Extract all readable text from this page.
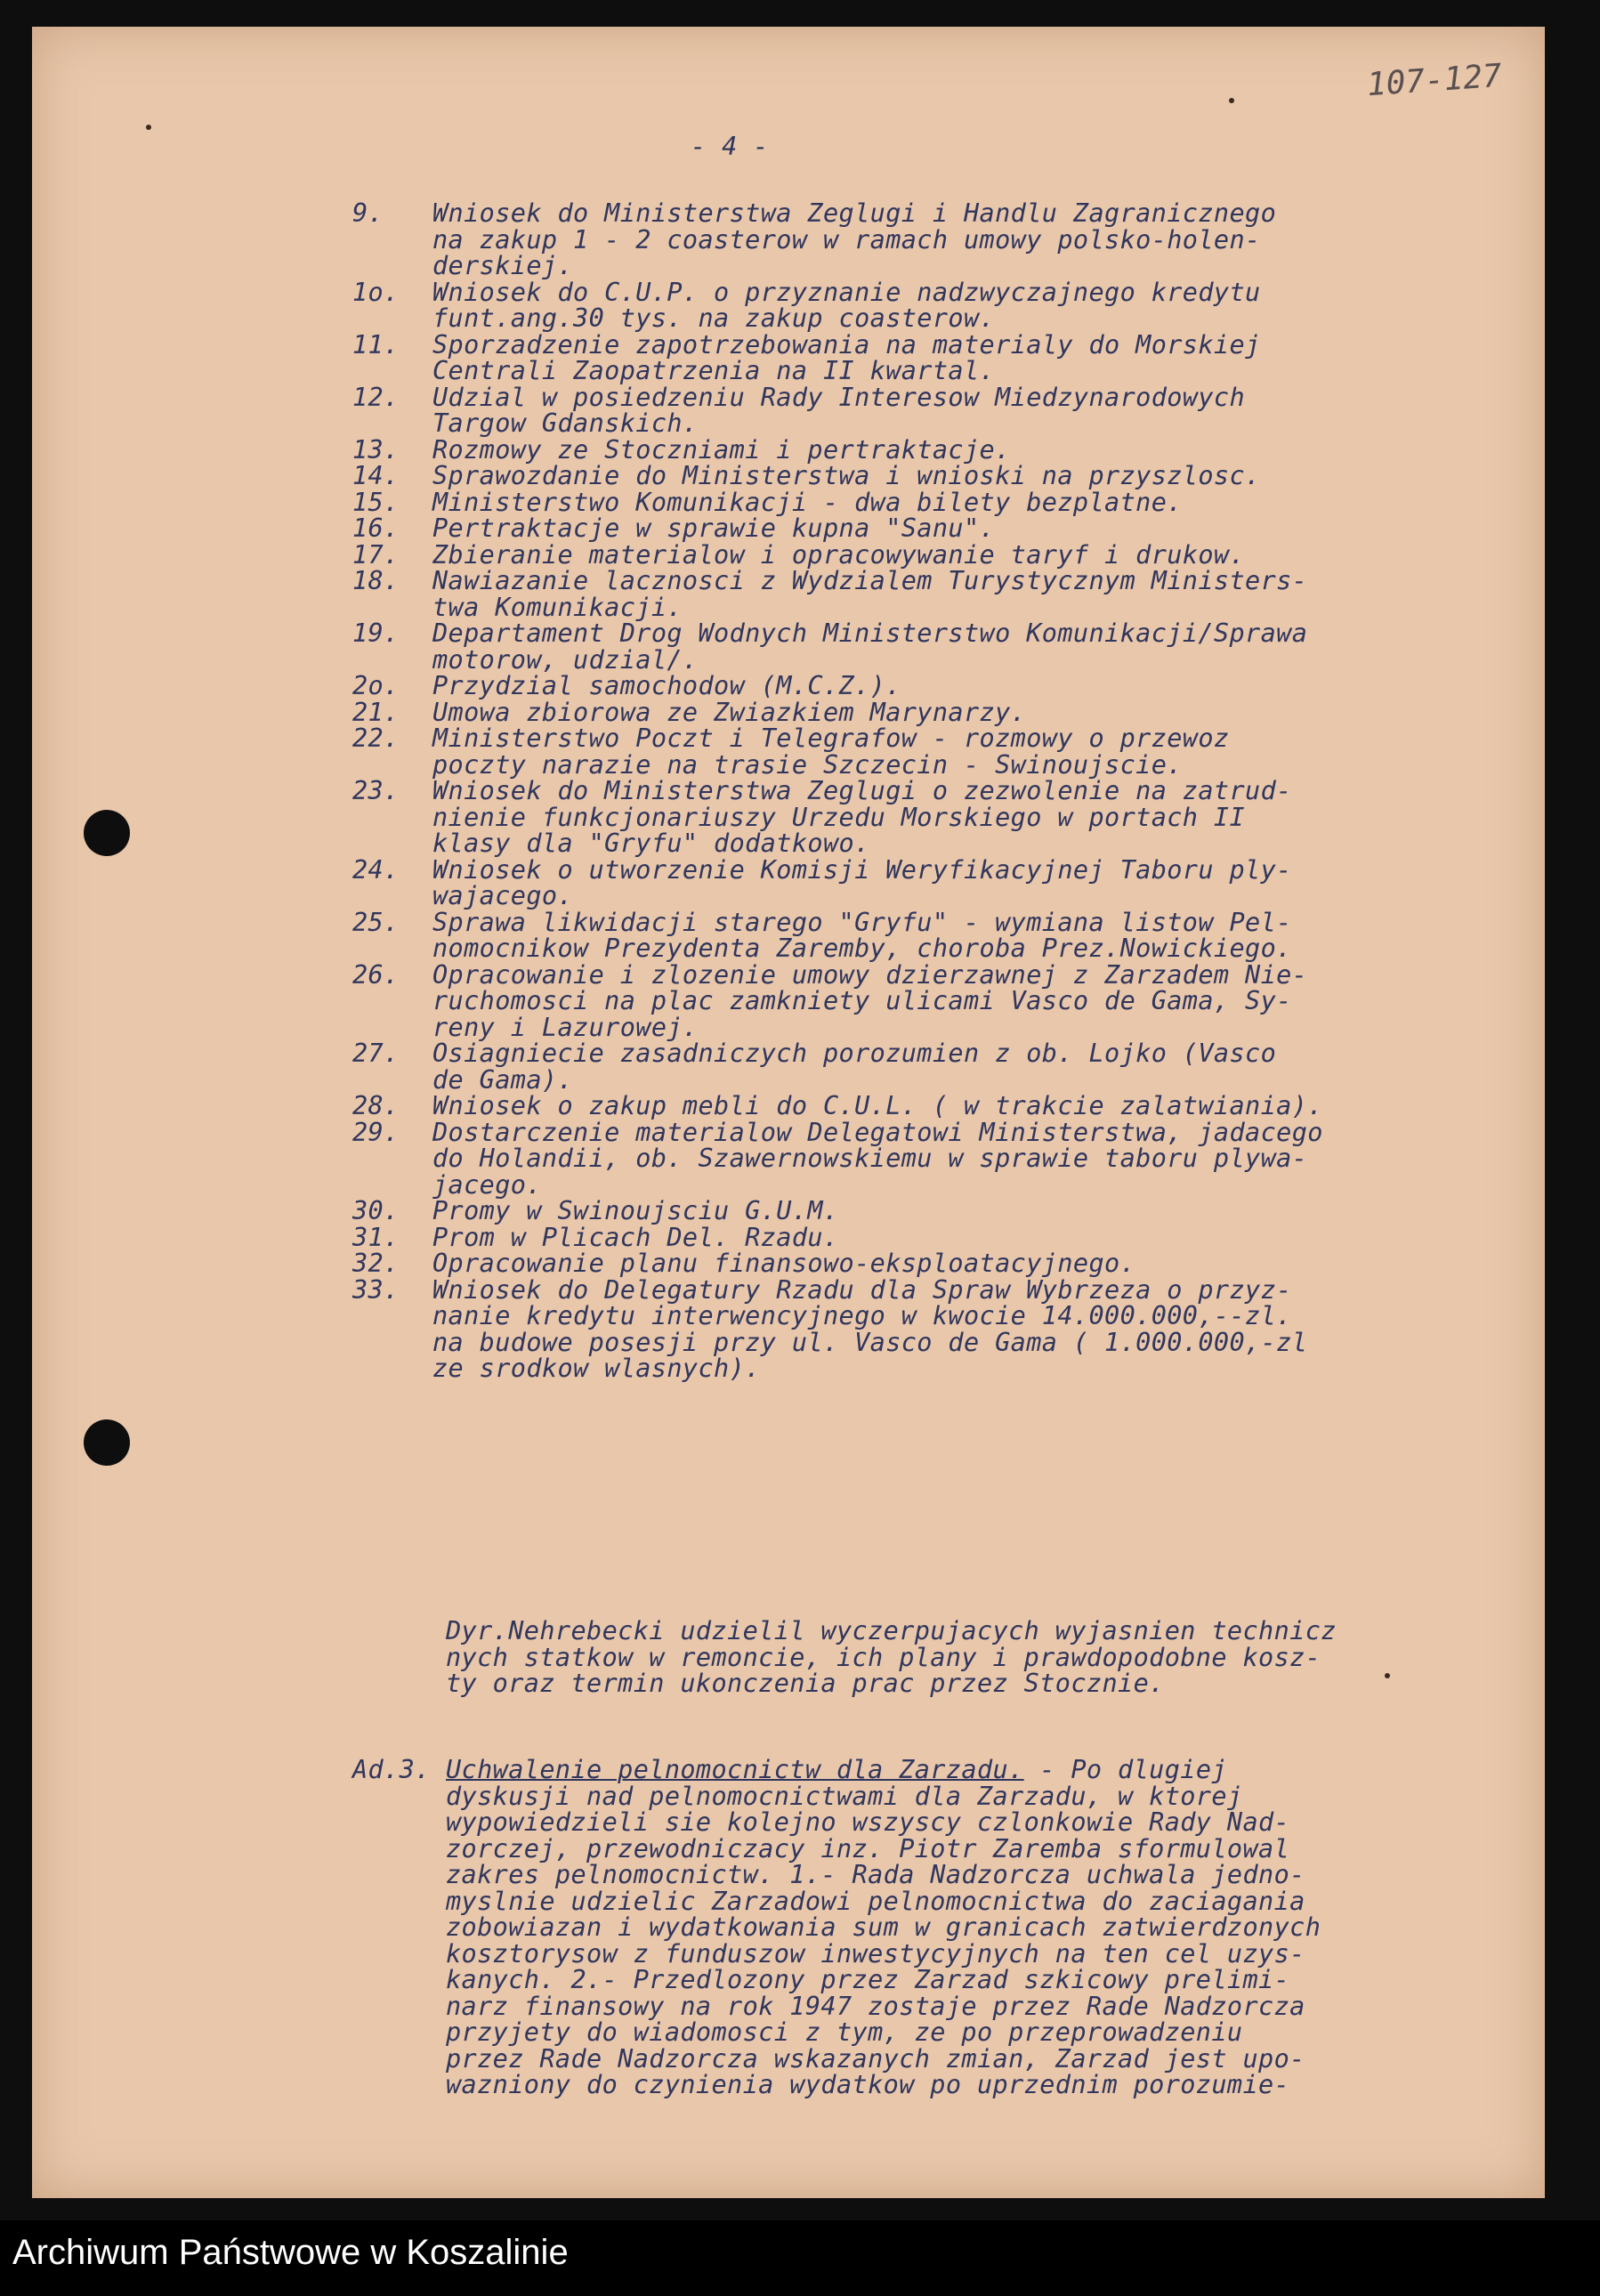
107-127
- 4 -
9.	Wniosek do Ministerstwa Zeglugi i Handlu Zagranicznego
na zakup 1 - 2 coasterow w ramach umowy polsko-holen-
derskiej.
1o.	Wniosek do C.U.P. o przyznanie nadzwyczajnego kredytu
funt.ang.30 tys. na zakup coasterow.
11.	Sporzadzenie zapotrzebowania na materialy do Morskiej
Centrali Zaopatrzenia na II kwartal.
12.	Udzial w posiedzeniu Rady Interesow Miedzynarodowych
Targow Gdanskich.
13.	Rozmowy ze Stoczniami i pertraktacje.
14.	Sprawozdanie do Ministerstwa i wnioski na przyszlosc.
15.	Ministerstwo Komunikacji - dwa bilety bezplatne.
16.	Pertraktacje w sprawie kupna "Sanu".
17.	Zbieranie materialow i opracowywanie taryf i drukow.
18.	Nawiazanie lacznosci z Wydzialem Turystycznym Ministers-
twa Komunikacji.
19.	Departament Drog Wodnych Ministerstwo Komunikacji/Sprawa
motorow, udzial/.
2o.	Przydzial samochodow (M.C.Z.).
21.	Umowa zbiorowa ze Zwiazkiem Marynarzy.
22.	Ministerstwo Poczt i Telegrafow - rozmowy o przewoz
poczty narazie na trasie Szczecin - Swinoujscie.
23.	Wniosek do Ministerstwa Zeglugi o zezwolenie na zatrud-
nienie funkcjonariuszy Urzedu Morskiego w portach II
klasy dla "Gryfu" dodatkowo.
24.	Wniosek o utworzenie Komisji Weryfikacyjnej Taboru ply-
wajacego.
25.	Sprawa likwidacji starego "Gryfu" - wymiana listow Pel-
nomocnikow Prezydenta Zaremby, choroba Prez.Nowickiego.
26.	Opracowanie i zlozenie umowy dzierzawnej z Zarzadem Nie-
ruchomosci na plac zamkniety ulicami Vasco de Gama, Sy-
reny i Lazurowej.
27.	Osiagniecie zasadniczych porozumien z ob. Lojko (Vasco
de Gama).
28.	Wniosek o zakup mebli do C.U.L. ( w trakcie zalatwiania).
29.	Dostarczenie materialow Delegatowi Ministerstwa, jadacego
do Holandii, ob. Szawernowskiemu w sprawie taboru plywa-
jacego.
30.	Promy w Swinoujsciu G.U.M.
31.	Prom w Plicach Del. Rzadu.
32.	Opracowanie planu finansowo-eksploatacyjnego.
33.	Wniosek do Delegatury Rzadu dla Spraw Wybrzeza o przyz-
nanie kredytu interwencyjnego w kwocie 14.000.000,--zl.
na budowe posesji przy ul. Vasco de Gama ( 1.000.000,-zl
ze srodkow wlasnych).
Dyr.Nehrebecki udzielil wyczerpujacych wyjasnien technicz
nych statkow w remoncie, ich plany i prawdopodobne kosz-
ty oraz termin ukonczenia prac przez Stocznie.
Ad.3. Uchwalenie pelnomocnictw dla Zarzadu. - Po dlugiej
dyskusji nad pelnomocnictwami dla Zarzadu, w ktorej
wypowiedzieli sie kolejno wszyscy czlonkowie Rady Nad-
zorczej, przewodniczacy inz. Piotr Zaremba sformulowal
zakres pelnomocnictw. 1.- Rada Nadzorcza uchwala jedno-
myslnie udzielic Zarzadowi pelnomocnictwa do zaciagania
zobowiazan i wydatkowania sum w granicach zatwierdzonych
kosztorysow z funduszow inwestycyjnych na ten cel uzys-
kanych. 2.- Przedlozony przez Zarzad szkicowy prelimi-
narz finansowy na rok 1947 zostaje przez Rade Nadzorcza
przyjety do wiadomosci z tym, ze po przeprowadzeniu
przez Rade Nadzorcza wskazanych zmian, Zarzad jest upo-
wazniony do czynienia wydatkow po uprzednim porozumie-
Archiwum Państwowe w Koszalinie
